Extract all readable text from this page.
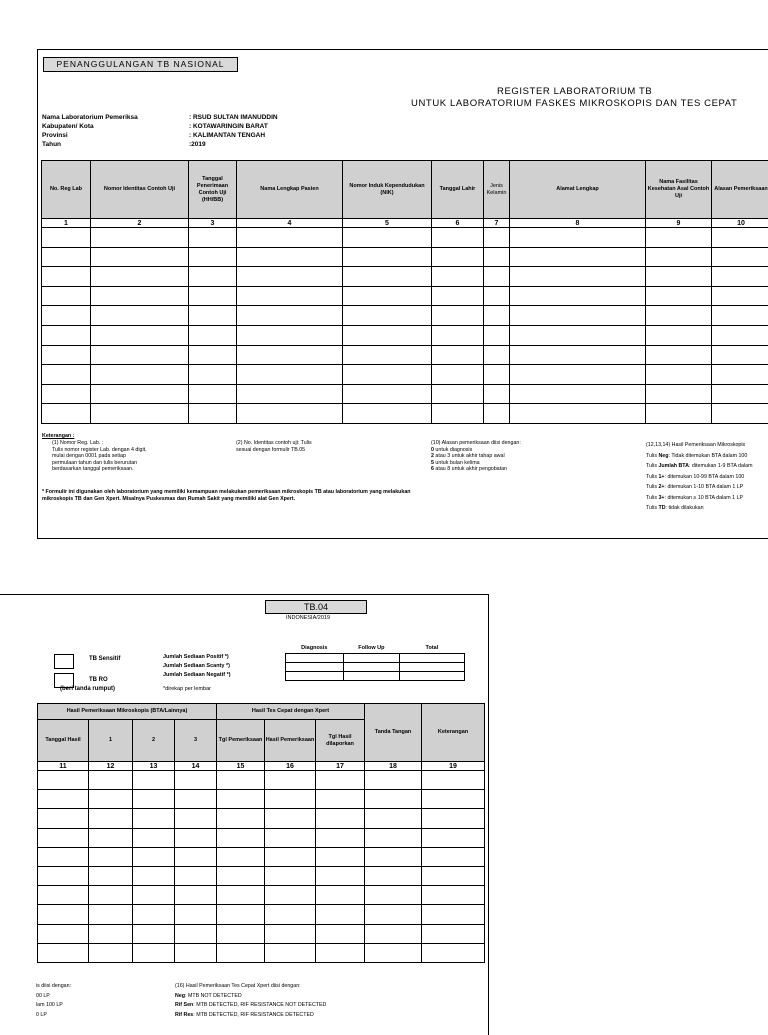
PENANGGULANGAN TB NASIONAL
REGISTER LABORATORIUM TB
UNTUK LABORATORIUM FASKES MIKROSKOPIS DAN TES CEPAT
Nama Laboratorium Pemeriksa	: RSUD SULTAN IMANUDDIN
Kabupaten/ Kota	: KOTAWARINGIN BARAT
Provinsi	: KALIMANTAN TENGAH
Tahun	:2019
No. Reg Lab	Nomor Identitas Contoh Uji	Tanggal Penerimaan Contoh Uji (HH/BB)	Nama Lengkap Pasien	Nomor Induk Kependudukan (NIK)	Tanggal Lahir	Jenis Kelamin	Alamat Lengkap	Nama Fasilitas Kesehatan Asal Contoh Uji	Alasan Pemeriksaan
1	2	3	4	5	6	7	8	9	10

Keterangan :
(1) Nomor Reg. Lab. :
Tulis nomor register Lab. dengan 4 digit,
mulai dengan 0001 pada setiap
permulaan tahun dan tulis berurutan
berdasarkan tanggal pemeriksaan.
(2) No. Identitas contoh uji: Tulis
sesuai dengan formulir TB.05
(10) Alasan pemeriksaan diisi dengan:
0 untuk diagnosis
2 atau 3 untuk akhir tahap awal
5 untuk bulan kelima
6 atau 8 untuk akhir pengobatan
(12,13,14) Hasil Pemeriksaan Mikroskopis
Tulis Neg: Tidak ditemukan BTA dalam 100
Tulis Jumlah BTA: ditemukan 1-9 BTA dalam
Tulis 1+: ditemukan 10-99 BTA dalam 100
Tulis 2+: ditemukan 1-10 BTA dalam 1 LP
Tulis 3+: ditemukan ≥ 10 BTA dalam 1 LP
Tulis TD: tidak dilakukan
* Formulir ini digunakan oleh laboratorium yang memiliki kemampuan melakukan pemeriksaan mikroskopis TB atau laboratorium yang melakukan
mikroskopis TB dan Gen Xpert. Misalnya Puskesmas dan Rumah Sakit yang memiliki alat Gen Xpert.
TB.04
INDONESIA/2019
	Diagnosis	Follow Up	Total
Jumlah Sediaan Positif *)			
Jumlah Sediaan Scanty *)			
Jumlah Sediaan Negatif *)			
*direkap per lembar
TB Sensitif
TB RO
(beri tanda rumput)
Hasil Pemeriksaan Mikroskopis (BTA/Lainnya)				Hasil Tes Cepat dengan Xpert			Tanda Tangan	Keterangan
Tanggal Hasil	1	2	3	Tgl Pemeriksaan	Hasil Pemeriksaan	Tgl Hasil dilaporkan		
11	12	13	14	15	16	17	18	19

is diisi dengan:
00 LP
lam 100 LP
0 LP
(16) Hasil Pemeriksaan Tes Cepat Xpert diisi dengan:
Neg: MTB NOT DETECTED
Rif Sen: MTB DETECTED, RIF RESISTANCE NOT DETECTED
Rif Res: MTB DETECTED, RIF RESISTANCE DETECTED
